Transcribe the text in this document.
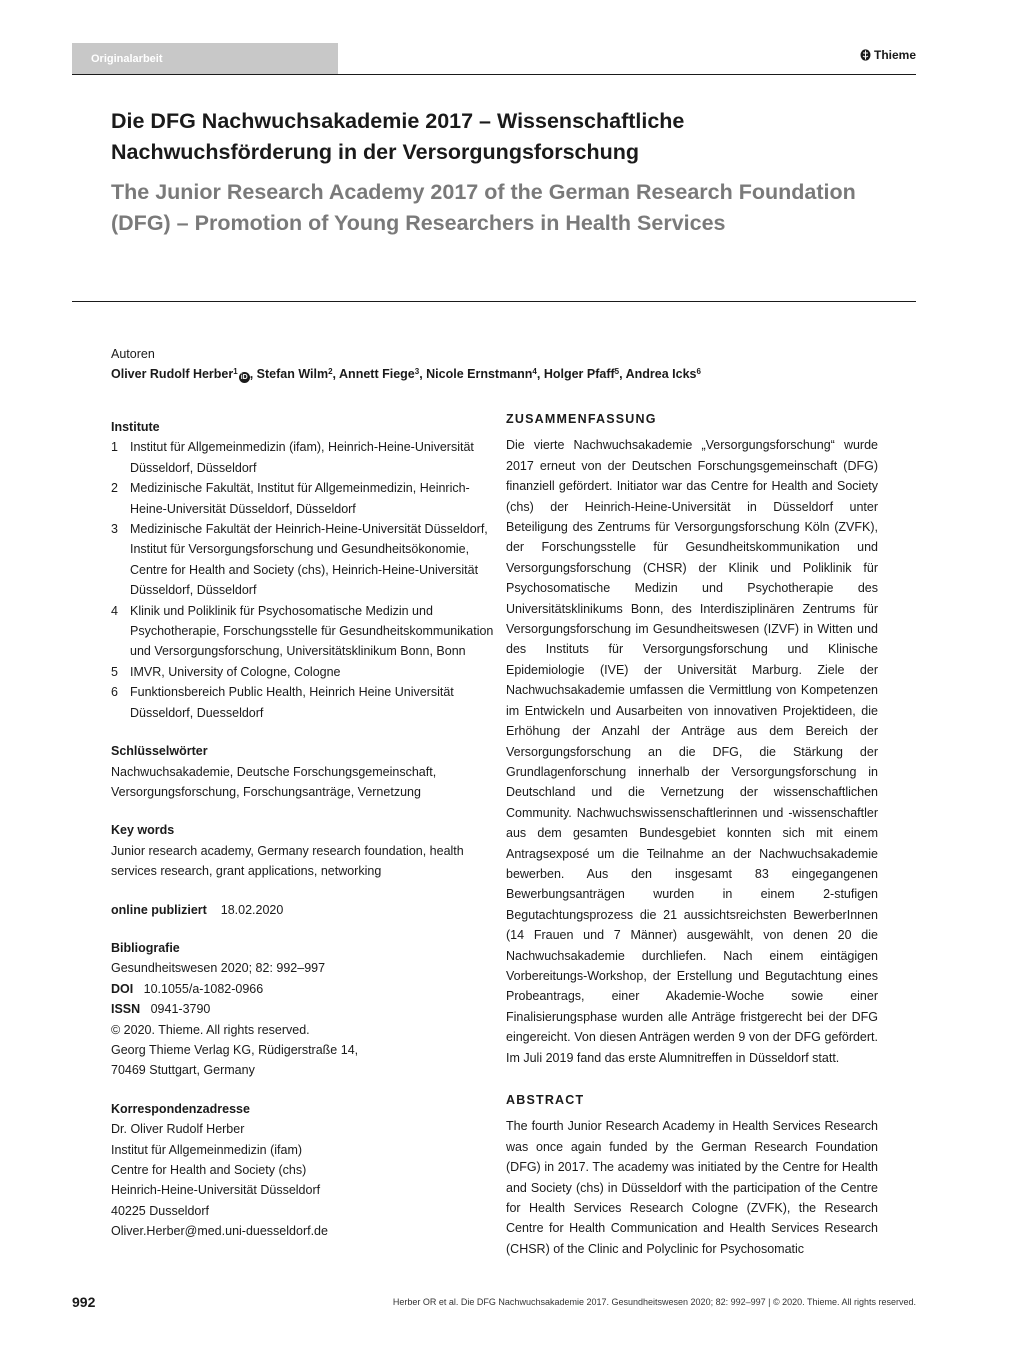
Originalarbeit	Thieme
Die DFG Nachwuchsakademie 2017 – Wissenschaftliche Nachwuchsförderung in der Versorgungsforschung
The Junior Research Academy 2017 of the German Research Foundation (DFG) – Promotion of Young Researchers in Health Services
Autoren
Oliver Rudolf Herber$^1$iD , Stefan Wilm$^2$, Annett Fiege$^3$, Nicole Ernstmann$^4$, Holger Pfaff$^5$, Andrea Icks$^6$
Institute
1 Institut für Allgemeinmedizin (ifam), Heinrich-Heine-Universität Düsseldorf, Düsseldorf
2 Medizinische Fakultät, Institut für Allgemeinmedizin, Heinrich-Heine-Universität Düsseldorf, Düsseldorf
3 Medizinische Fakultät der Heinrich-Heine-Universität Düsseldorf, Institut für Versorgungsforschung und Gesundheitsökonomie, Centre for Health and Society (chs), Heinrich-Heine-Universität Düsseldorf, Düsseldorf
4 Klinik und Poliklinik für Psychosomatische Medizin und Psychotherapie, Forschungsstelle für Gesundheitskommunikation und Versorgungsforschung, Universitätsklinikum Bonn, Bonn
5 IMVR, University of Cologne, Cologne
6 Funktionsbereich Public Health, Heinrich Heine Universität Düsseldorf, Duesseldorf
Schlüsselwörter
Nachwuchsakademie, Deutsche Forschungsgemeinschaft, Versorgungsforschung, Forschungsanträge, Vernetzung
Key words
Junior research academy, Germany research foundation, health services research, grant applications, networking
online publiziert 18.02.2020
Bibliografie
Gesundheitswesen 2020; 82: 992–997
DOI 10.1055/a-1082-0966
ISSN 0941-3790
© 2020. Thieme. All rights reserved.
Georg Thieme Verlag KG, Rüdigerstraße 14,
70469 Stuttgart, Germany
Korrespondenzadresse
Dr. Oliver Rudolf Herber
Institut für Allgemeinmedizin (ifam)
Centre for Health and Society (chs)
Heinrich-Heine-Universität Düsseldorf
40225 Dusseldorf
Oliver.Herber@med.uni-duesseldorf.de
ZUSAMMENFASSUNG

Die vierte Nachwuchsakademie „Versorgungsforschung“ wurde 2017 erneut von der Deutschen Forschungsgemeinschaft (DFG) finanziell gefördert. Initiator war das Centre for Health and Society (chs) der Heinrich-Heine-Universität in Düsseldorf unter Beteiligung des Zentrums für Versorgungsforschung Köln (ZVFK), der Forschungsstelle für Gesundheitskommunikation und Versorgungsforschung (CHSR) der Klinik und Poliklinik für Psychosomatische Medizin und Psychotherapie des Universitätsklinikums Bonn, des Interdisziplinären Zentrums für Versorgungsforschung im Gesundheitswesen (IZVF) in Witten und des Instituts für Versorgungsforschung und Klinische Epidemiologie (IVE) der Universität Marburg. Ziele der Nachwuchsakademie umfassen die Vermittlung von Kompetenzen im Entwickeln und Ausarbeiten von innovativen Projektideen, die Erhöhung der Anzahl der Anträge aus dem Bereich der Versorgungsforschung an die DFG, die Stärkung der Grundlagenforschung innerhalb der Versorgungsforschung in Deutschland und die Vernetzung der wissenschaftlichen Community. Nachwuchswissenschaftlerinnen und -wissenschaftler aus dem gesamten Bundesgebiet konnten sich mit einem Antragsexposé um die Teilnahme an der Nachwuchsakademie bewerben. Aus den insgesamt 83 eingegangenen Bewerbungsanträgen wurden in einem 2-stufigen Begutachtungsprozess die 21 aussichtsreichsten BewerberInnen (14 Frauen und 7 Männer) ausgewählt, von denen 20 die Nachwuchsakademie durchliefen. Nach einem eintägigen Vorbereitungs-Workshop, der Erstellung und Begutachtung eines Probeantrags, einer Akademie-Woche sowie einer Finalisierungsphase wurden alle Anträge fristgerecht bei der DFG eingereicht. Von diesen Anträgen werden 9 von der DFG gefördert. Im Juli 2019 fand das erste Alumnitreffen in Düsseldorf statt.

ABSTRACT

The fourth Junior Research Academy in Health Services Research was once again funded by the German Research Foundation (DFG) in 2017. The academy was initiated by the Centre for Health and Society (chs) in Düsseldorf with the participation of the Centre for Health Services Research Cologne (ZVFK), the Research Centre for Health Communication and Health Services Research (CHSR) of the Clinic and Polyclinic for Psychosomatic

992	Herber OR et al. Die DFG Nachwuchsakademie 2017. Gesundheitswesen 2020; 82: 992–997 | © 2020. Thieme. All rights reserved.
